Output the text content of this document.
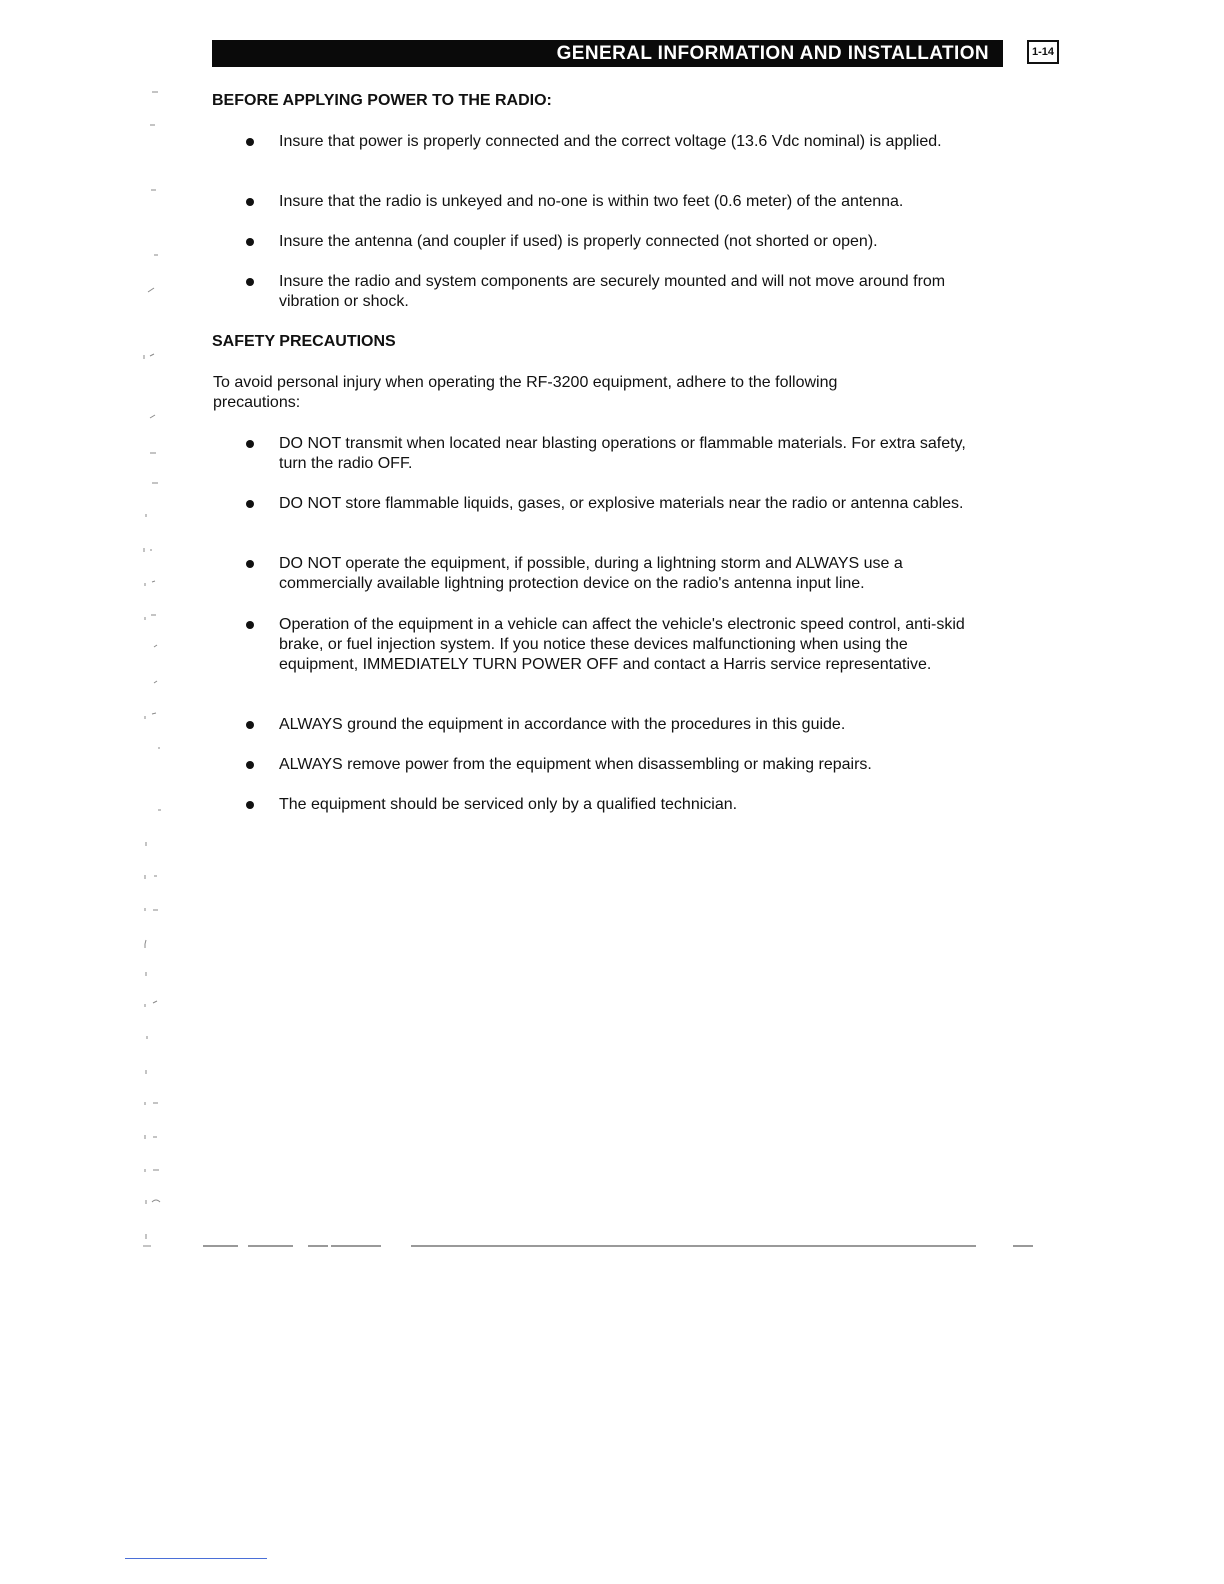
GENERAL INFORMATION AND INSTALLATION	1-14
BEFORE APPLYING POWER TO THE RADIO:
Insure that power is properly connected and the correct voltage (13.6 Vdc nominal) is applied.
Insure that the radio is unkeyed and no-one is within two feet (0.6 meter) of the antenna.
Insure the antenna (and coupler if used) is properly connected (not shorted or open).
Insure the radio and system components are securely mounted and will not move around from vibration or shock.
SAFETY PRECAUTIONS
To avoid personal injury when operating the RF-3200 equipment, adhere to the following precautions:
DO NOT transmit when located near blasting operations or flammable materials. For extra safety, turn the radio OFF.
DO NOT store flammable liquids, gases, or explosive materials near the radio or antenna cables.
DO NOT operate the equipment, if possible, during a lightning storm and ALWAYS use a commercially available lightning protection device on the radio's antenna input line.
Operation of the equipment in a vehicle can affect the vehicle's electronic speed control, anti-skid brake, or fuel injection system. If you notice these devices malfunctioning when using the equipment, IMMEDIATELY TURN POWER OFF and contact a Harris service representative.
ALWAYS ground the equipment in accordance with the procedures in this guide.
ALWAYS remove power from the equipment when disassembling or making repairs.
The equipment should be serviced only by a qualified technician.
